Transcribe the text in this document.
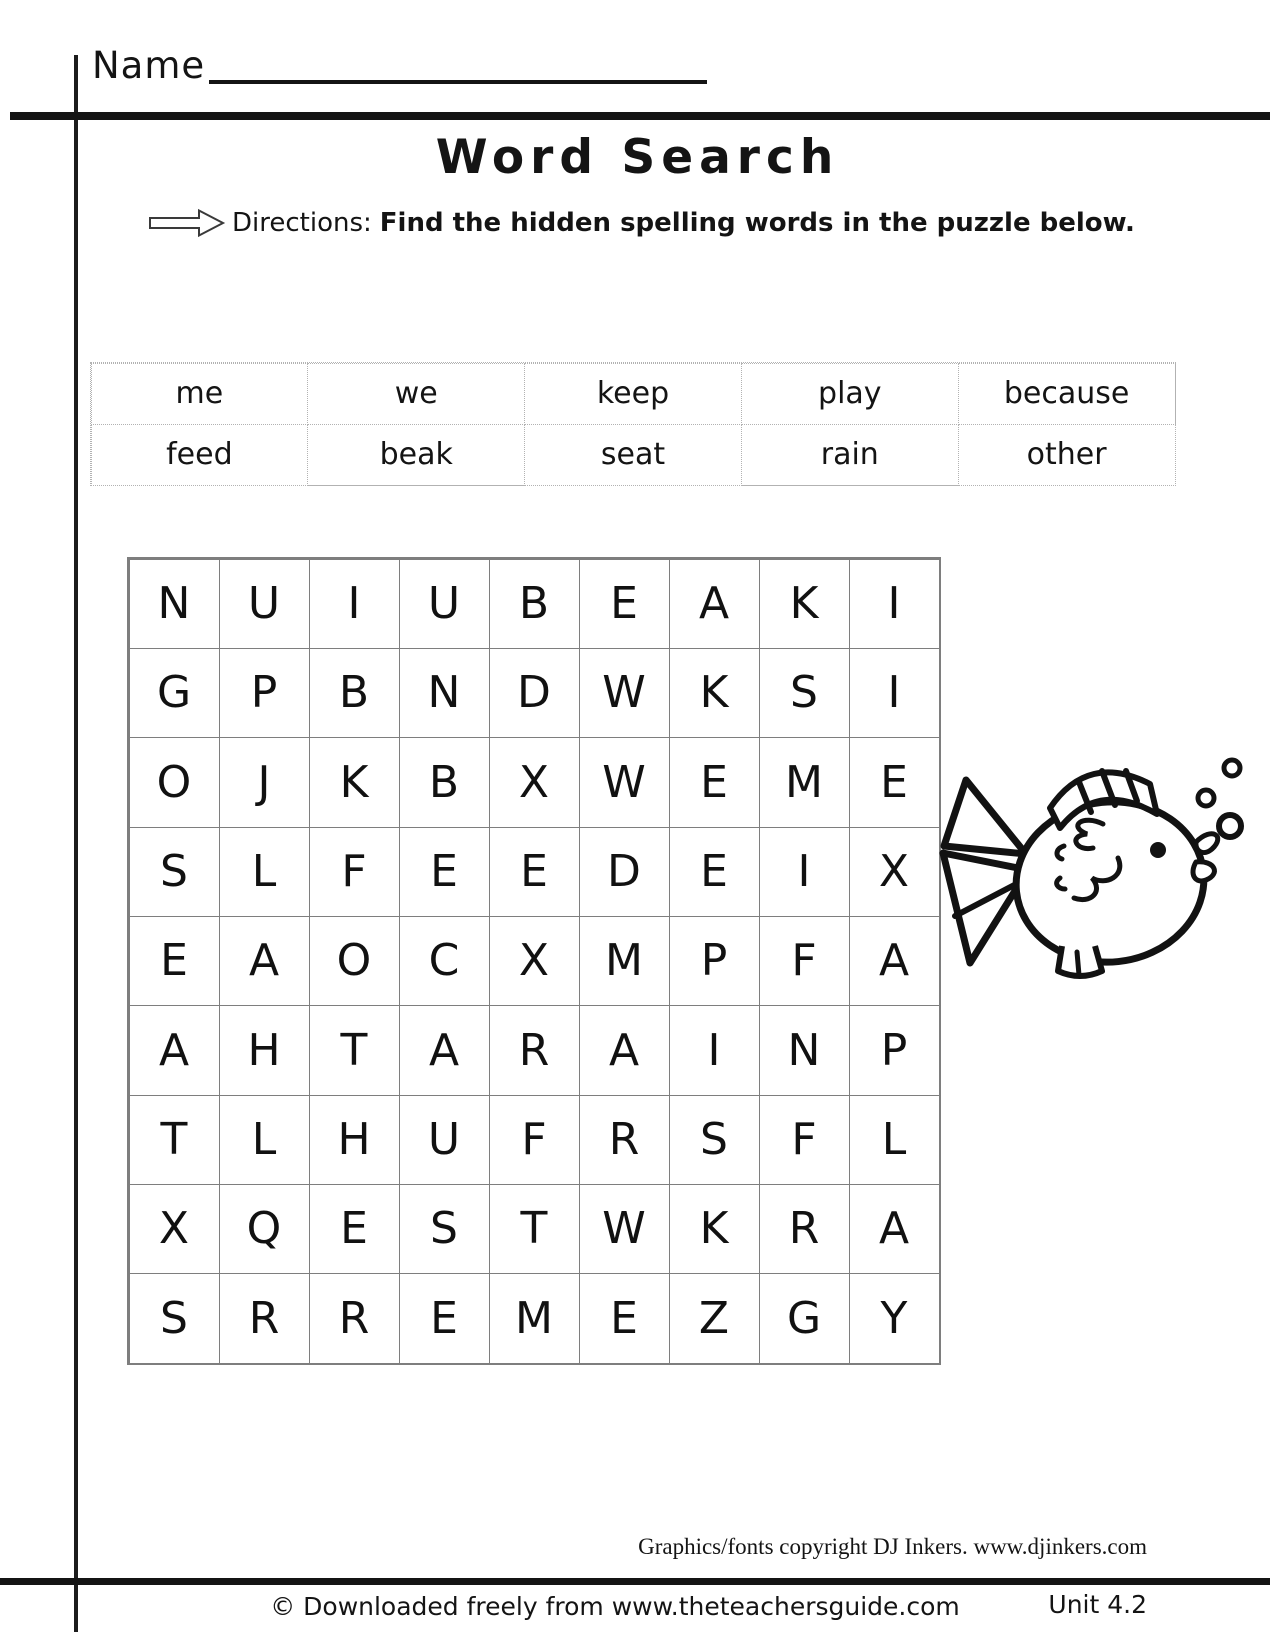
Name
Word Search
Directions: Find the hidden spelling words in the puzzle below.
me	we	keep	play	because
feed	beak	seat	rain	other
N	U	I	U	B	E	A	K	I
G	P	B	N	D	W	K	S	I
O	J	K	B	X	W	E	M	E
S	L	F	E	E	D	E	I	X
E	A	O	C	X	M	P	F	A
A	H	T	A	R	A	I	N	P
T	L	H	U	F	R	S	F	L
X	Q	E	S	T	W	K	R	A
S	R	R	E	M	E	Z	G	Y
Graphics/fonts copyright DJ Inkers. www.djinkers.com
© Downloaded freely from www.theteachersguide.com	Unit 4.2
